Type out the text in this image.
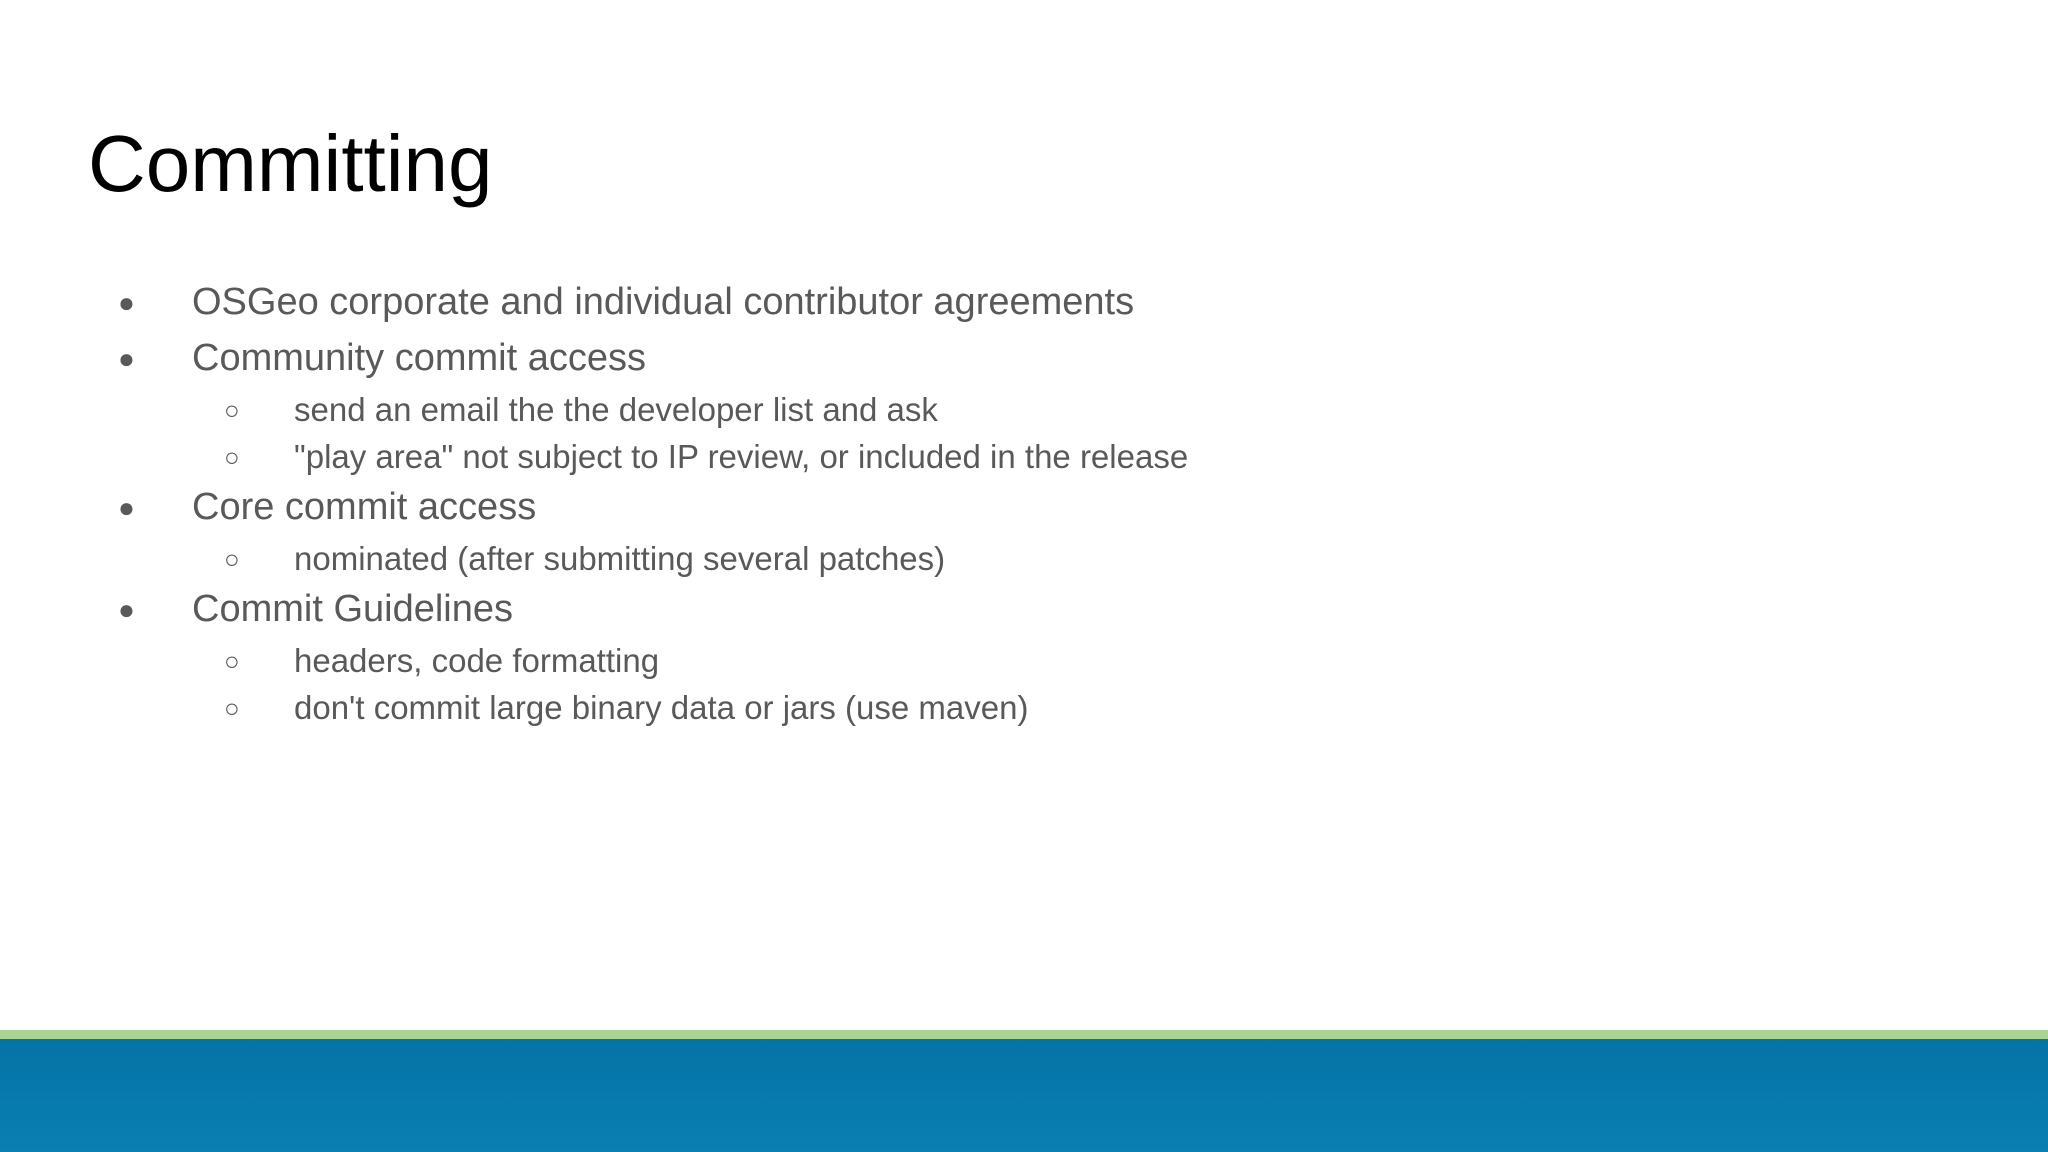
Committing
● OSGeo corporate and individual contributor agreements
● Community commit access
○ send an email the the developer list and ask
○ "play area" not subject to IP review, or included in the release
● Core commit access
○ nominated (after submitting several patches)
● Commit Guidelines
○ headers, code formatting
○ don't commit large binary data or jars (use maven)
